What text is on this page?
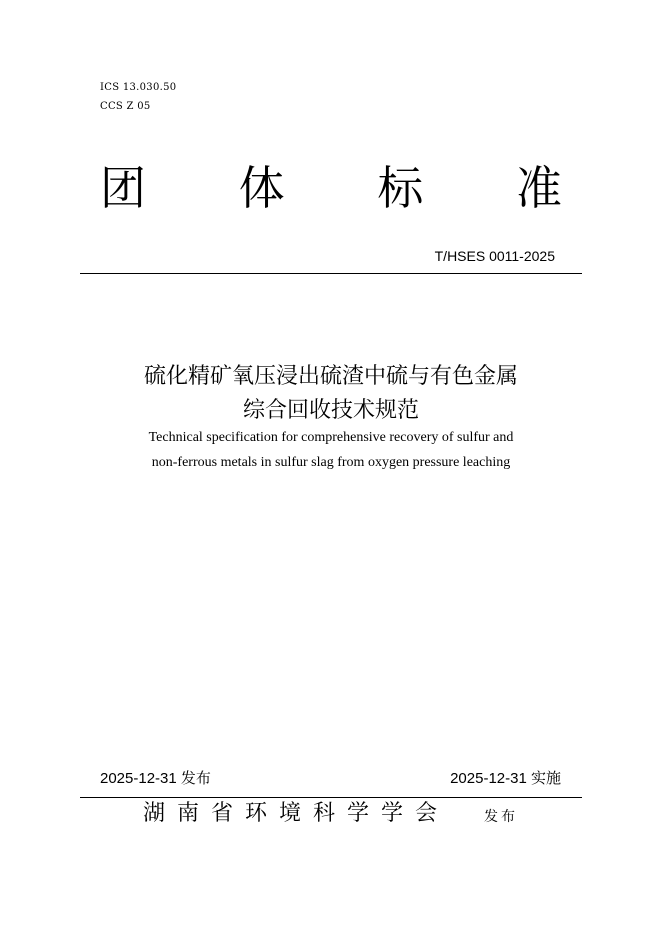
ICS 13.030.50
CCS Z 05
团 体 标 准
T/HSES 0011-2025
硫化精矿氧压浸出硫渣中硫与有色金属
综合回收技术规范
Technical specification for comprehensive recovery of sulfur and
non-ferrous metals in sulfur slag from oxygen pressure leaching
2025-12-31 发布	2025-12-31 实施
湖南省环境科学学会 发布
